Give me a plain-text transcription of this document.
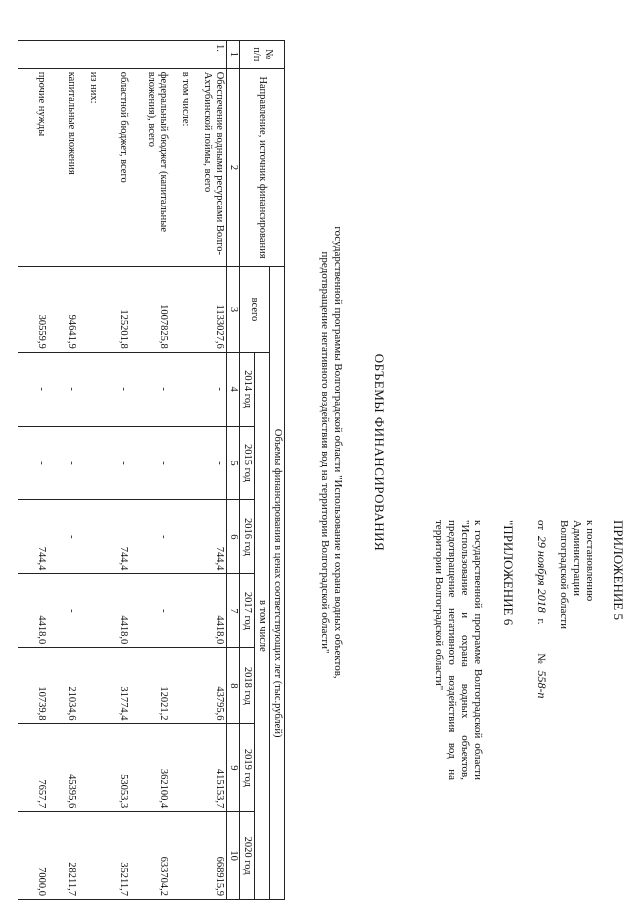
ПРИЛОЖЕНИЕ 5
к постановлению
Администрации
Волгоградской области
от 29 ноября 2018 г. № 558-п
"ПРИЛОЖЕНИЕ 6
к государственной программе Волгоградской области "Использование и охрана водных объектов, предотвращение негативного воздействия вод на территории Волгоградской области"
ОБЪЕМЫ ФИНАНСИРОВАНИЯ
государственной программы Волгоградской области "Использование и охрана водных объектов,
предотвращение негативного воздействия вод на территории Волгоградской области"
№ п/п	Направление, источник финансирования	Объемы финансирования в ценах соответствующих лет (тыс.рублей)							
		всего	в том числе						
			2014 год	2015 год	2016 год	2017 год	2018 год	2019 год	2020 год
1	2	3	4	5	6	7	8	9	10
1.	Обеспечение водными ресурсами Волго-Ахтубинской поймы, всего	1133027,6	-	-	744,4	4418,0	43795,6	415153,7	668915,9
	в том числе:								
	федеральный бюджет (капитальные вложения), всего	1007825,8	-	-	-	-	12021,2	362100,4	633704,2
	областной бюджет, всего	125201,8	-	-	744,4	4418,0	31774,4	53053,3	35211,7
	из них:								
	капитальные вложения	94641,9	-	-	-	-	21034,6	45395,6	28211,7
	прочие нужды	30559,9	-	-	744,4	4418,0	10739,8	7657,7	7000,0
